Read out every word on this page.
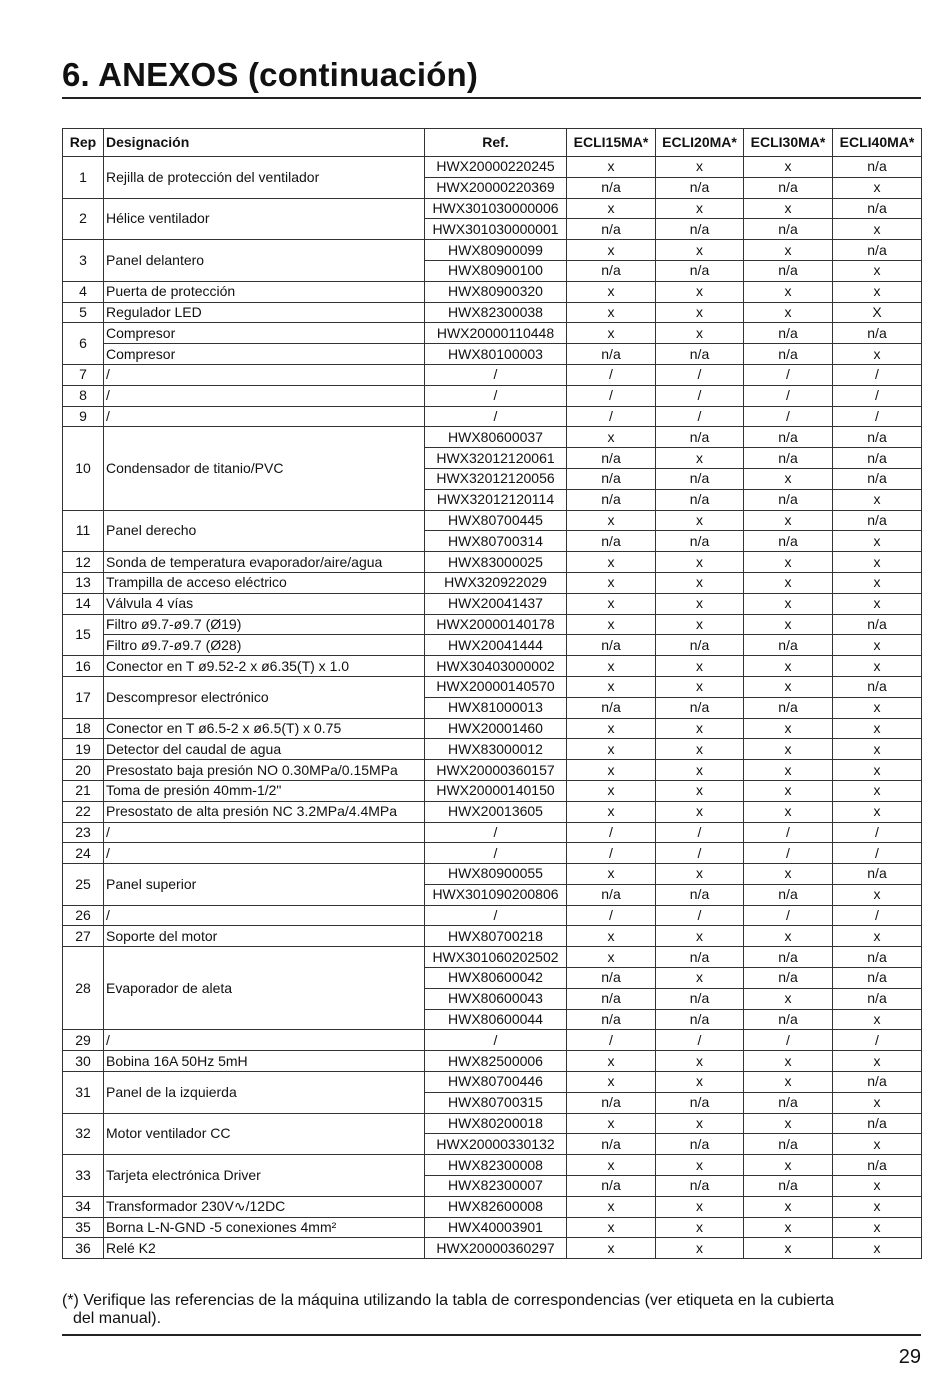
6. ANEXOS (continuación)
Rep	Designación	Ref.	ECLI15MA*	ECLI20MA*	ECLI30MA*	ECLI40MA*
1	Rejilla de protección del ventilador	HWX20000220245	x	x	x	n/a
		HWX20000220369	n/a	n/a	n/a	x
2	Hélice ventilador	HWX301030000006	x	x	x	n/a
		HWX301030000001	n/a	n/a	n/a	x
3	Panel delantero	HWX80900099	x	x	x	n/a
		HWX80900100	n/a	n/a	n/a	x
4	Puerta de protección	HWX80900320	x	x	x	x
5	Regulador LED	HWX82300038	x	x	x	X
6	Compresor	HWX20000110448	x	x	n/a	n/a
	Compresor	HWX80100003	n/a	n/a	n/a	x
7	/	/	/	/	/	/
8	/	/	/	/	/	/
9	/	/	/	/	/	/
10	Condensador de titanio/PVC	HWX80600037	x	n/a	n/a	n/a
		HWX32012120061	n/a	x	n/a	n/a
		HWX32012120056	n/a	n/a	x	n/a
		HWX32012120114	n/a	n/a	n/a	x
11	Panel derecho	HWX80700445	x	x	x	n/a
		HWX80700314	n/a	n/a	n/a	x
12	Sonda de temperatura evaporador/aire/agua	HWX83000025	x	x	x	x
13	Trampilla de acceso eléctrico	HWX320922029	x	x	x	x
14	Válvula 4 vías	HWX20041437	x	x	x	x
15	Filtro ø9.7-ø9.7 (Ø19)	HWX20000140178	x	x	x	n/a
	Filtro ø9.7-ø9.7 (Ø28)	HWX20041444	n/a	n/a	n/a	x
16	Conector en T ø9.52-2 x ø6.35(T) x 1.0	HWX30403000002	x	x	x	x
17	Descompresor electrónico	HWX20000140570	x	x	x	n/a
		HWX81000013	n/a	n/a	n/a	x
18	Conector en T ø6.5-2 x ø6.5(T) x 0.75	HWX20001460	x	x	x	x
19	Detector del caudal de agua	HWX83000012	x	x	x	x
20	Presostato baja presión NO 0.30MPa/0.15MPa	HWX20000360157	x	x	x	x
21	Toma de presión 40mm-1/2"	HWX20000140150	x	x	x	x
22	Presostato de alta presión NC 3.2MPa/4.4MPa	HWX20013605	x	x	x	x
23	/	/	/	/	/	/
24	/	/	/	/	/	/
25	Panel superior	HWX80900055	x	x	x	n/a
		HWX301090200806	n/a	n/a	n/a	x
26	/	/	/	/	/	/
27	Soporte del motor	HWX80700218	x	x	x	x
28	Evaporador de aleta	HWX301060202502	x	n/a	n/a	n/a
		HWX80600042	n/a	x	n/a	n/a
		HWX80600043	n/a	n/a	x	n/a
		HWX80600044	n/a	n/a	n/a	x
29	/	/	/	/	/	/
30	Bobina 16A 50Hz 5mH	HWX82500006	x	x	x	x
31	Panel de la izquierda	HWX80700446	x	x	x	n/a
		HWX80700315	n/a	n/a	n/a	x
32	Motor ventilador CC	HWX80200018	x	x	x	n/a
		HWX20000330132	n/a	n/a	n/a	x
33	Tarjeta electrónica Driver	HWX82300008	x	x	x	n/a
		HWX82300007	n/a	n/a	n/a	x
34	Transformador 230V∿/12DC	HWX82600008	x	x	x	x
35	Borna L-N-GND -5 conexiones 4mm²	HWX40003901	x	x	x	x
36	Relé K2	HWX20000360297	x	x	x	x
(*) Verifique las referencias de la máquina utilizando la tabla de correspondencias (ver etiqueta en la cubierta
del manual).
29
